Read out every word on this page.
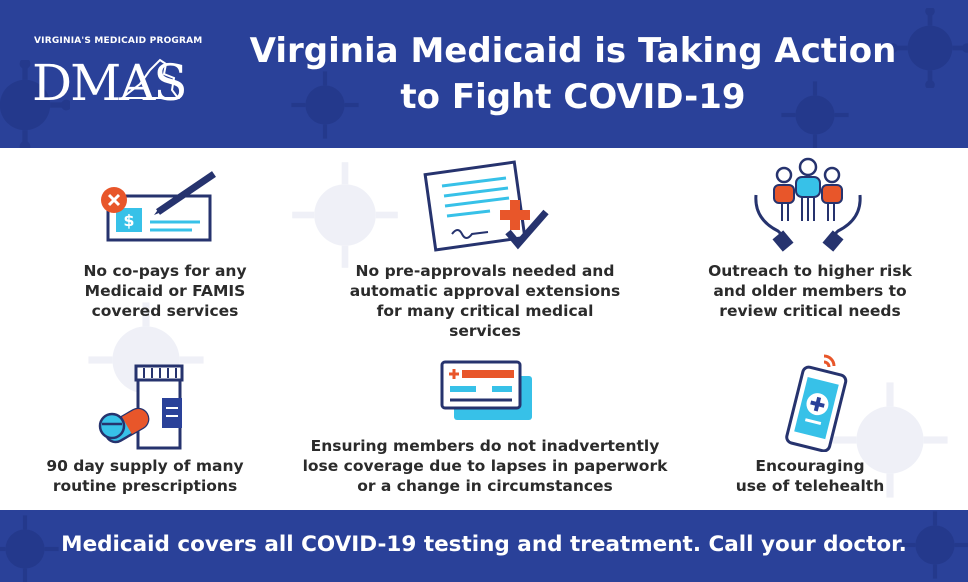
VIRGINIA'S MEDICAID PROGRAM
DMAS
Virginia Medicaid is Taking Action
to Fight COVID-19
$
No co-pays for any
Medicaid or FAMIS
covered services
No pre-approvals needed and
automatic approval extensions
for many critical medical
services
Outreach to higher risk
and older members to
review critical needs
90 day supply of many
routine prescriptions
Ensuring members do not inadvertently
lose coverage due to lapses in paperwork
or a change in circumstances
Encouraging
use of telehealth
Medicaid covers all COVID-19 testing and treatment. Call your doctor.
